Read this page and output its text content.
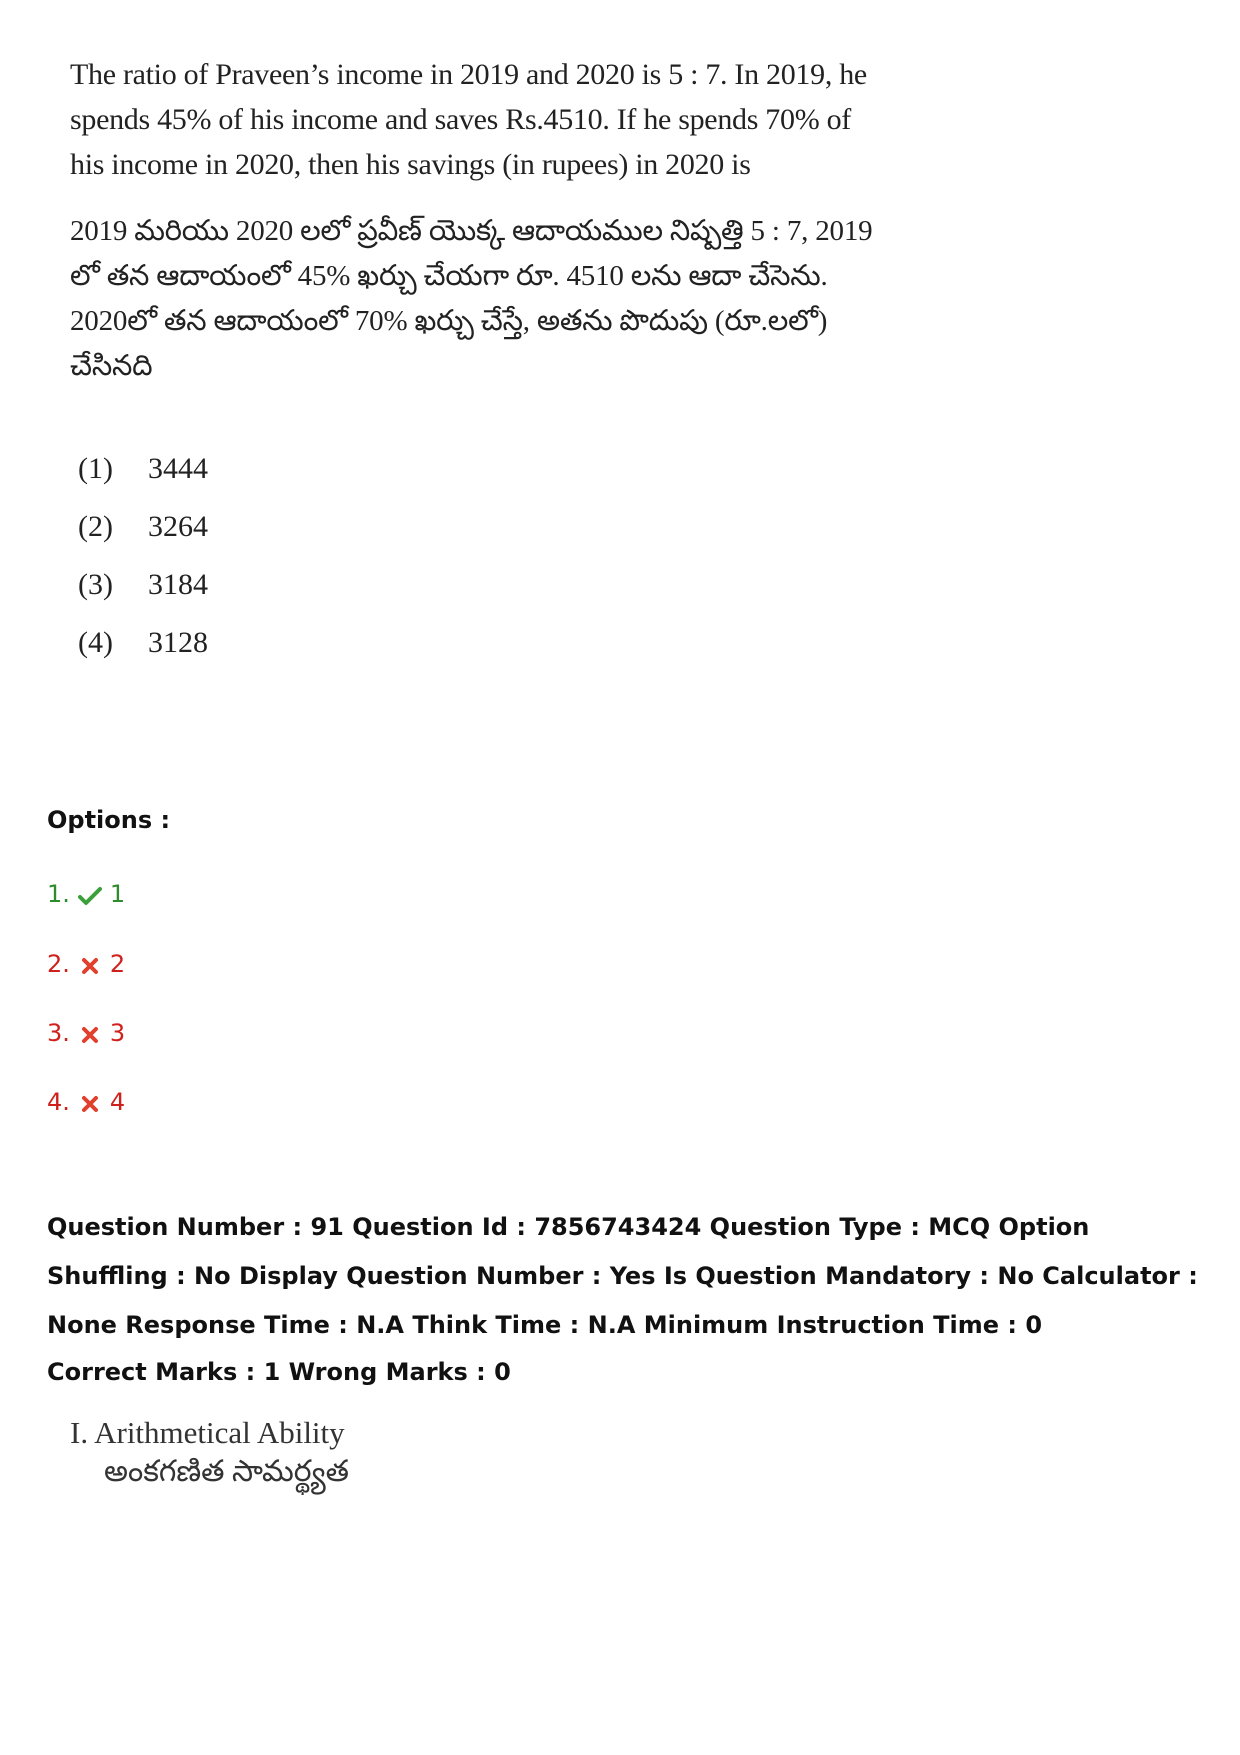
The ratio of Praveen’s income in 2019 and 2020 is 5 : 7. In 2019, he spends 45% of his income and saves Rs.4510. If he spends 70% of his income in 2020, then his savings (in rupees) in 2020 is
2019 మరియు 2020 లలో ప్రవీణ్ యొక్క ఆదాయముల నిష్పత్తి 5 : 7, 2019
లో తన ఆదాయంలో 45% ఖర్చు చేయగా రూ. 4510 లను ఆదా చేసెను.
2020లో తన ఆదాయంలో 70% ఖర్చు చేస్తే, అతను పొదుపు (రూ.లలో)
చేసినది
(1)	3444
(2)	3264
(3)	3184
(4)	3128
Options :
1. 1
2. 2
3. 3
4. 4
Question Number : 91 Question Id : 7856743424 Question Type : MCQ Option Shuffling : No Display Question Number : Yes Is Question Mandatory : No Calculator : None Response Time : N.A Think Time : N.A Minimum Instruction Time : 0
Correct Marks : 1 Wrong Marks : 0
I. Arithmetical Ability
అంకగణిత సామర్థ్యత
